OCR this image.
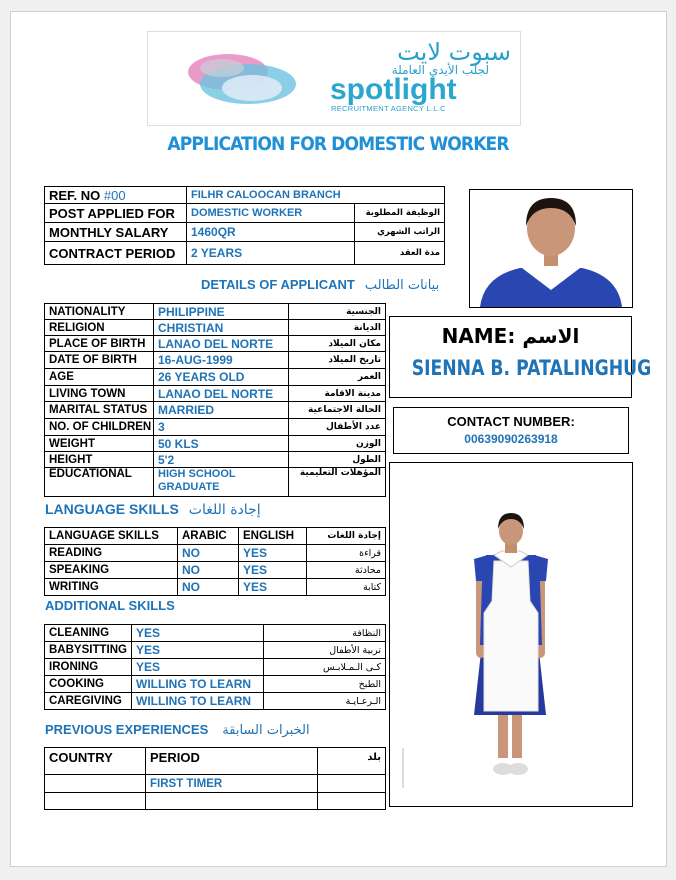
سبوت لايت
لجلب الأيدي العاملة
spotlight
RECRUITMENT AGENCY L.L.C
APPLICATION FOR DOMESTIC WORKER
REF. NO #00	FILHR CALOOCAN BRANCH	
POST APPLIED FOR	DOMESTIC WORKER	الوظيفة المطلوبة
MONTHLY SALARY	1460QR	الراتب الشهري
CONTRACT PERIOD	2 YEARS	مدة العقد
DETAILS OF APPLICANT بيانات الطالب
NATIONALITY	PHILIPPINE	الجنسية
RELIGION	CHRISTIAN	الديانة
PLACE OF BIRTH	LANAO DEL NORTE	مكان الميلاد
DATE OF BIRTH	16-AUG-1999	تاريخ الميلاد
AGE	26 YEARS OLD	العمر
LIVING TOWN	LANAO DEL NORTE	مدينة الاقامة
MARITAL STATUS	MARRIED	الحالة الاجتماعية
NO. OF CHILDREN	3	عدد الأطفال
WEIGHT	50 KLS	الوزن
HEIGHT	5'2	الطول
EDUCATIONAL	HIGH SCHOOL GRADUATE	المؤهلات التعليمية
NAME: الاسم
SIENNA B. PATALINGHUG
CONTACT NUMBER:
00639090263918
LANGUAGE SKILLS إجادة اللغات
LANGUAGE SKILLS	ARABIC	ENGLISH	إجادة اللغات
READING	NO	YES	قراءة
SPEAKING	NO	YES	محادثة
WRITING	NO	YES	كتابة
ADDITIONAL SKILLS
CLEANING	YES	النظافة
BABYSITTING	YES	تربية الأطفال
IRONING	YES	كـى الـمـلابـس
COOKING	WILLING TO LEARN	الطبخ
CAREGIVING	WILLING TO LEARN	الـرعـايـة
PREVIOUS EXPERIENCES الخبرات السابقة
COUNTRY	PERIOD	بلد
	FIRST TIMER	
